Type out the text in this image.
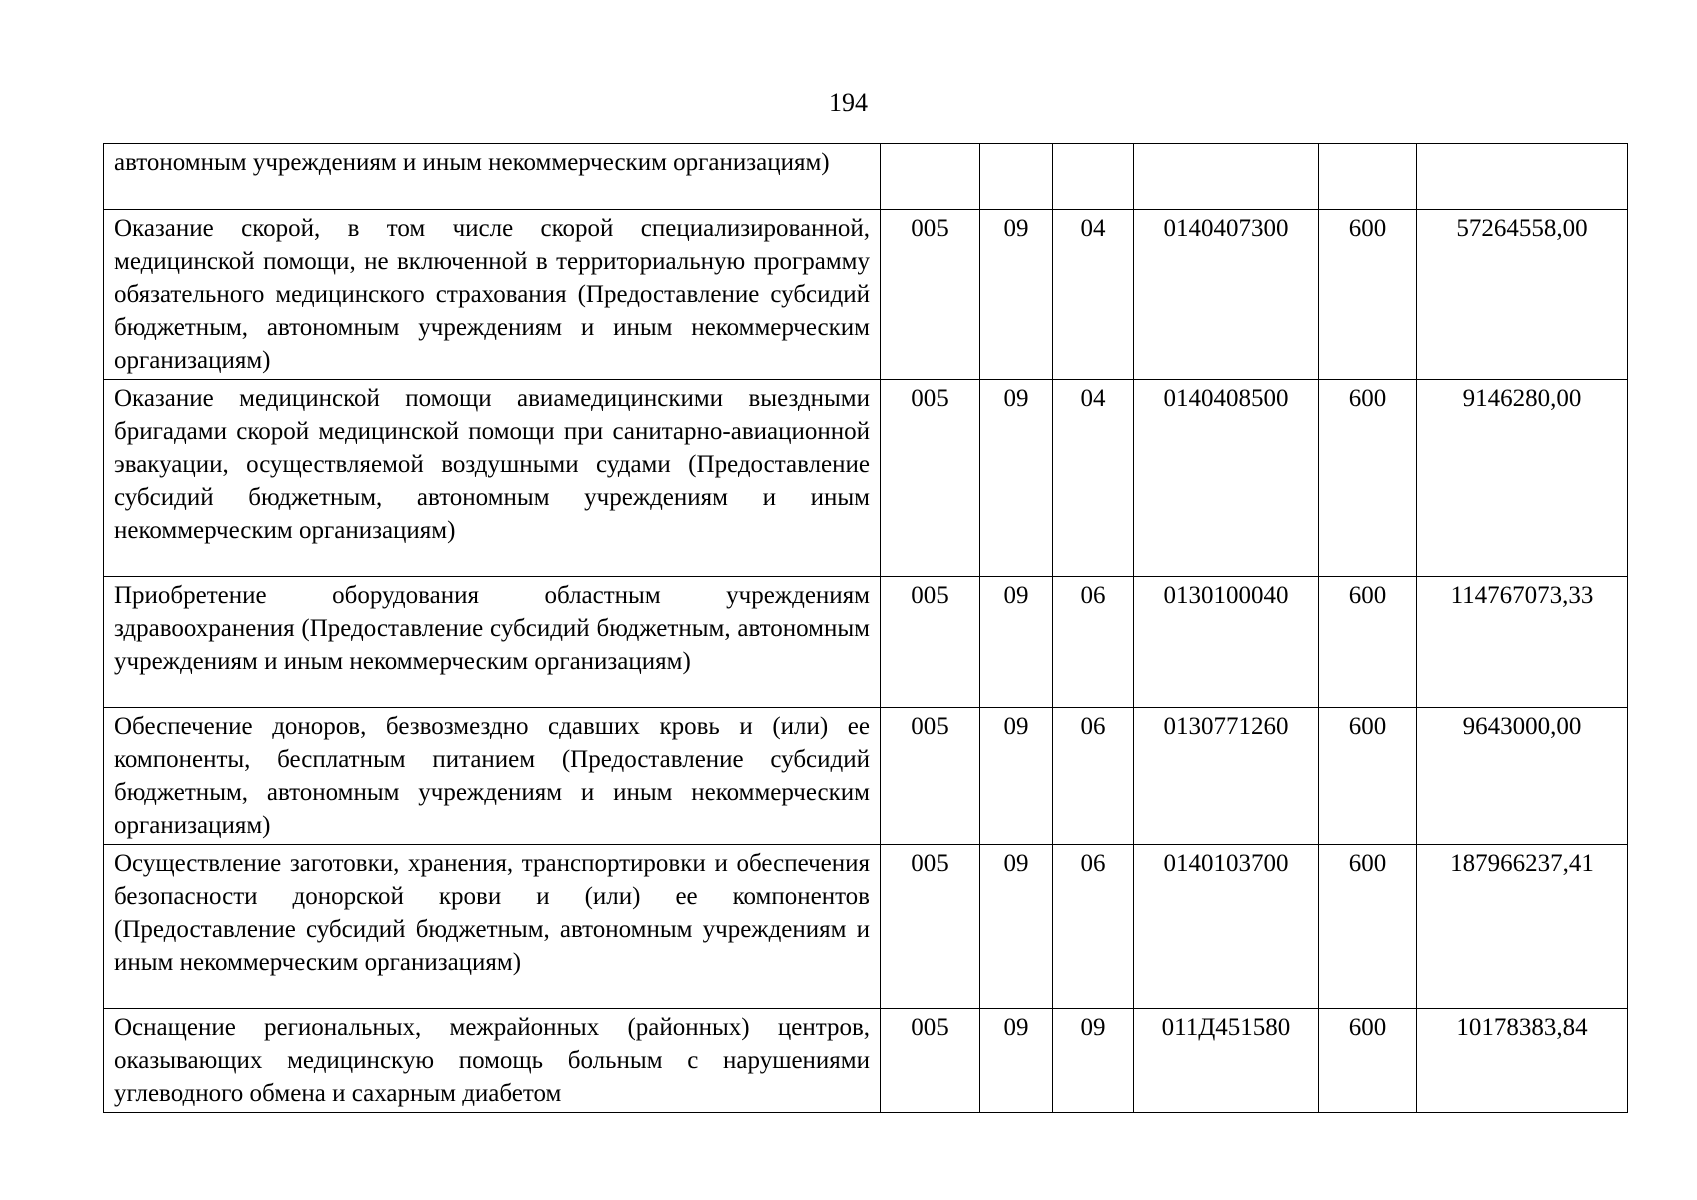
194
автономным учреждениям и иным некоммерческим организациям)						

Оказание скорой, в том числе скорой специализированной, медицинской помощи, не включенной в территориальную программу обязательного медицинского страхования (Предоставление субсидий бюджетным, автономным учреждениям и иным некоммерческим организациям)	005	09	04	0140407300	600	57264558,00

Оказание медицинской помощи авиамедицинскими выездными бригадами скорой медицинской помощи при санитарно-авиационной эвакуации, осуществляемой воздушными судами (Предоставление субсидий бюджетным, автономным учреждениям и иным некоммерческим организациям)	005	09	04	0140408500	600	9146280,00

Приобретение оборудования областным учреждениям здравоохранения (Предоставление субсидий бюджетным, автономным учреждениям и иным некоммерческим организациям)	005	09	06	0130100040	600	114767073,33

Обеспечение доноров, безвозмездно сдавших кровь и (или) ее компоненты, бесплатным питанием (Предоставление субсидий бюджетным, автономным учреждениям и иным некоммерческим организациям)	005	09	06	0130771260	600	9643000,00

Осуществление заготовки, хранения, транспортировки и обеспечения безопасности донорской крови и (или) ее компонентов (Предоставление субсидий бюджетным, автономным учреждениям и иным некоммерческим организациям)	005	09	06	0140103700	600	187966237,41

Оснащение региональных, межрайонных (районных) центров, оказывающих медицинскую помощь больным с нарушениями углеводного обмена и сахарным диабетом	005	09	09	011Д451580	600	10178383,84
